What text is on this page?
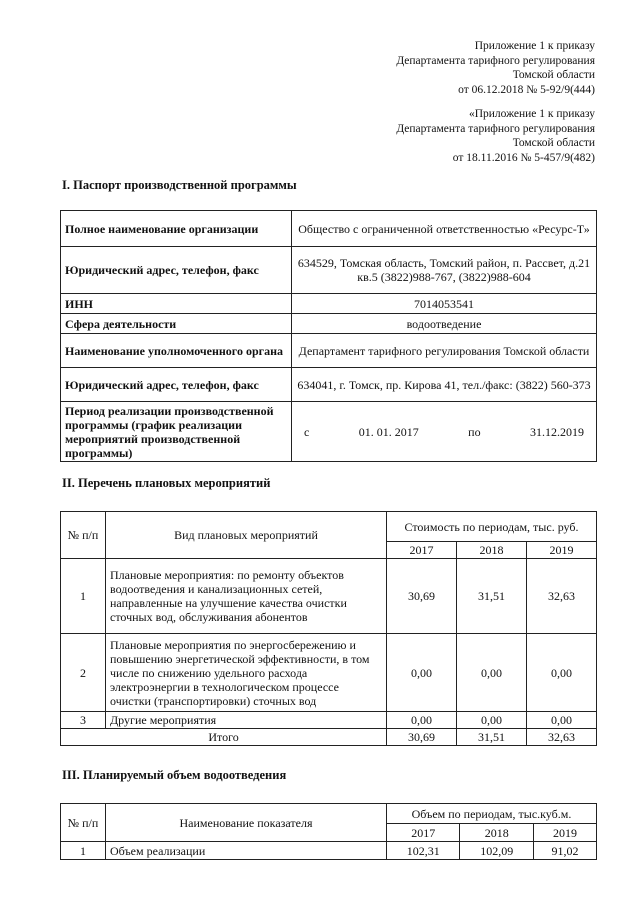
Приложение 1 к приказу
Департамента тарифного регулирования
Томской области
от 06.12.2018 № 5-92/9(444)
«Приложение 1 к приказу
Департамента тарифного регулирования
Томской области
от 18.11.2016 № 5-457/9(482)
I. Паспорт производственной программы
Полное наименование организации	Общество с ограниченной ответственностью «Ресурс-Т»
Юридический адрес, телефон, факс	634529, Томская область, Томский район, п. Рассвет, д.21 кв.5 (3822)988-767, (3822)988-604
ИНН	7014053541
Сфера деятельности	водоотведение
Наименование уполномоченного органа	Департамент тарифного регулирования Томской области
Юридический адрес, телефон, факс	634041, г. Томск, пр. Кирова 41, тел./факс: (3822) 560-373
Период реализации производственной программы (график реализации мероприятий производственной программы)	с 01. 01. 2017 по 31.12.2019
II. Перечень плановых мероприятий
№ п/п	Вид плановых мероприятий	Стоимость по периодам, тыс. руб.		
		2017	2018	2019
1	Плановые мероприятия: по ремонту объектов водоотведения и канализационных сетей, направленные на улучшение качества очистки сточных вод, обслуживания абонентов	30,69	31,51	32,63
2	Плановые мероприятия по энергосбережению и повышению энергетической эффективности, в том числе по снижению удельного расхода электроэнергии в технологическом процессе очистки (транспортировки) сточных вод	0,00	0,00	0,00
3	Другие мероприятия	0,00	0,00	0,00
Итого		30,69	31,51	32,63
III. Планируемый объем водоотведения
№ п/п	Наименование показателя	Объем по периодам, тыс.куб.м.		
		2017	2018	2019
1	Объем реализации	102,31	102,09	91,02
